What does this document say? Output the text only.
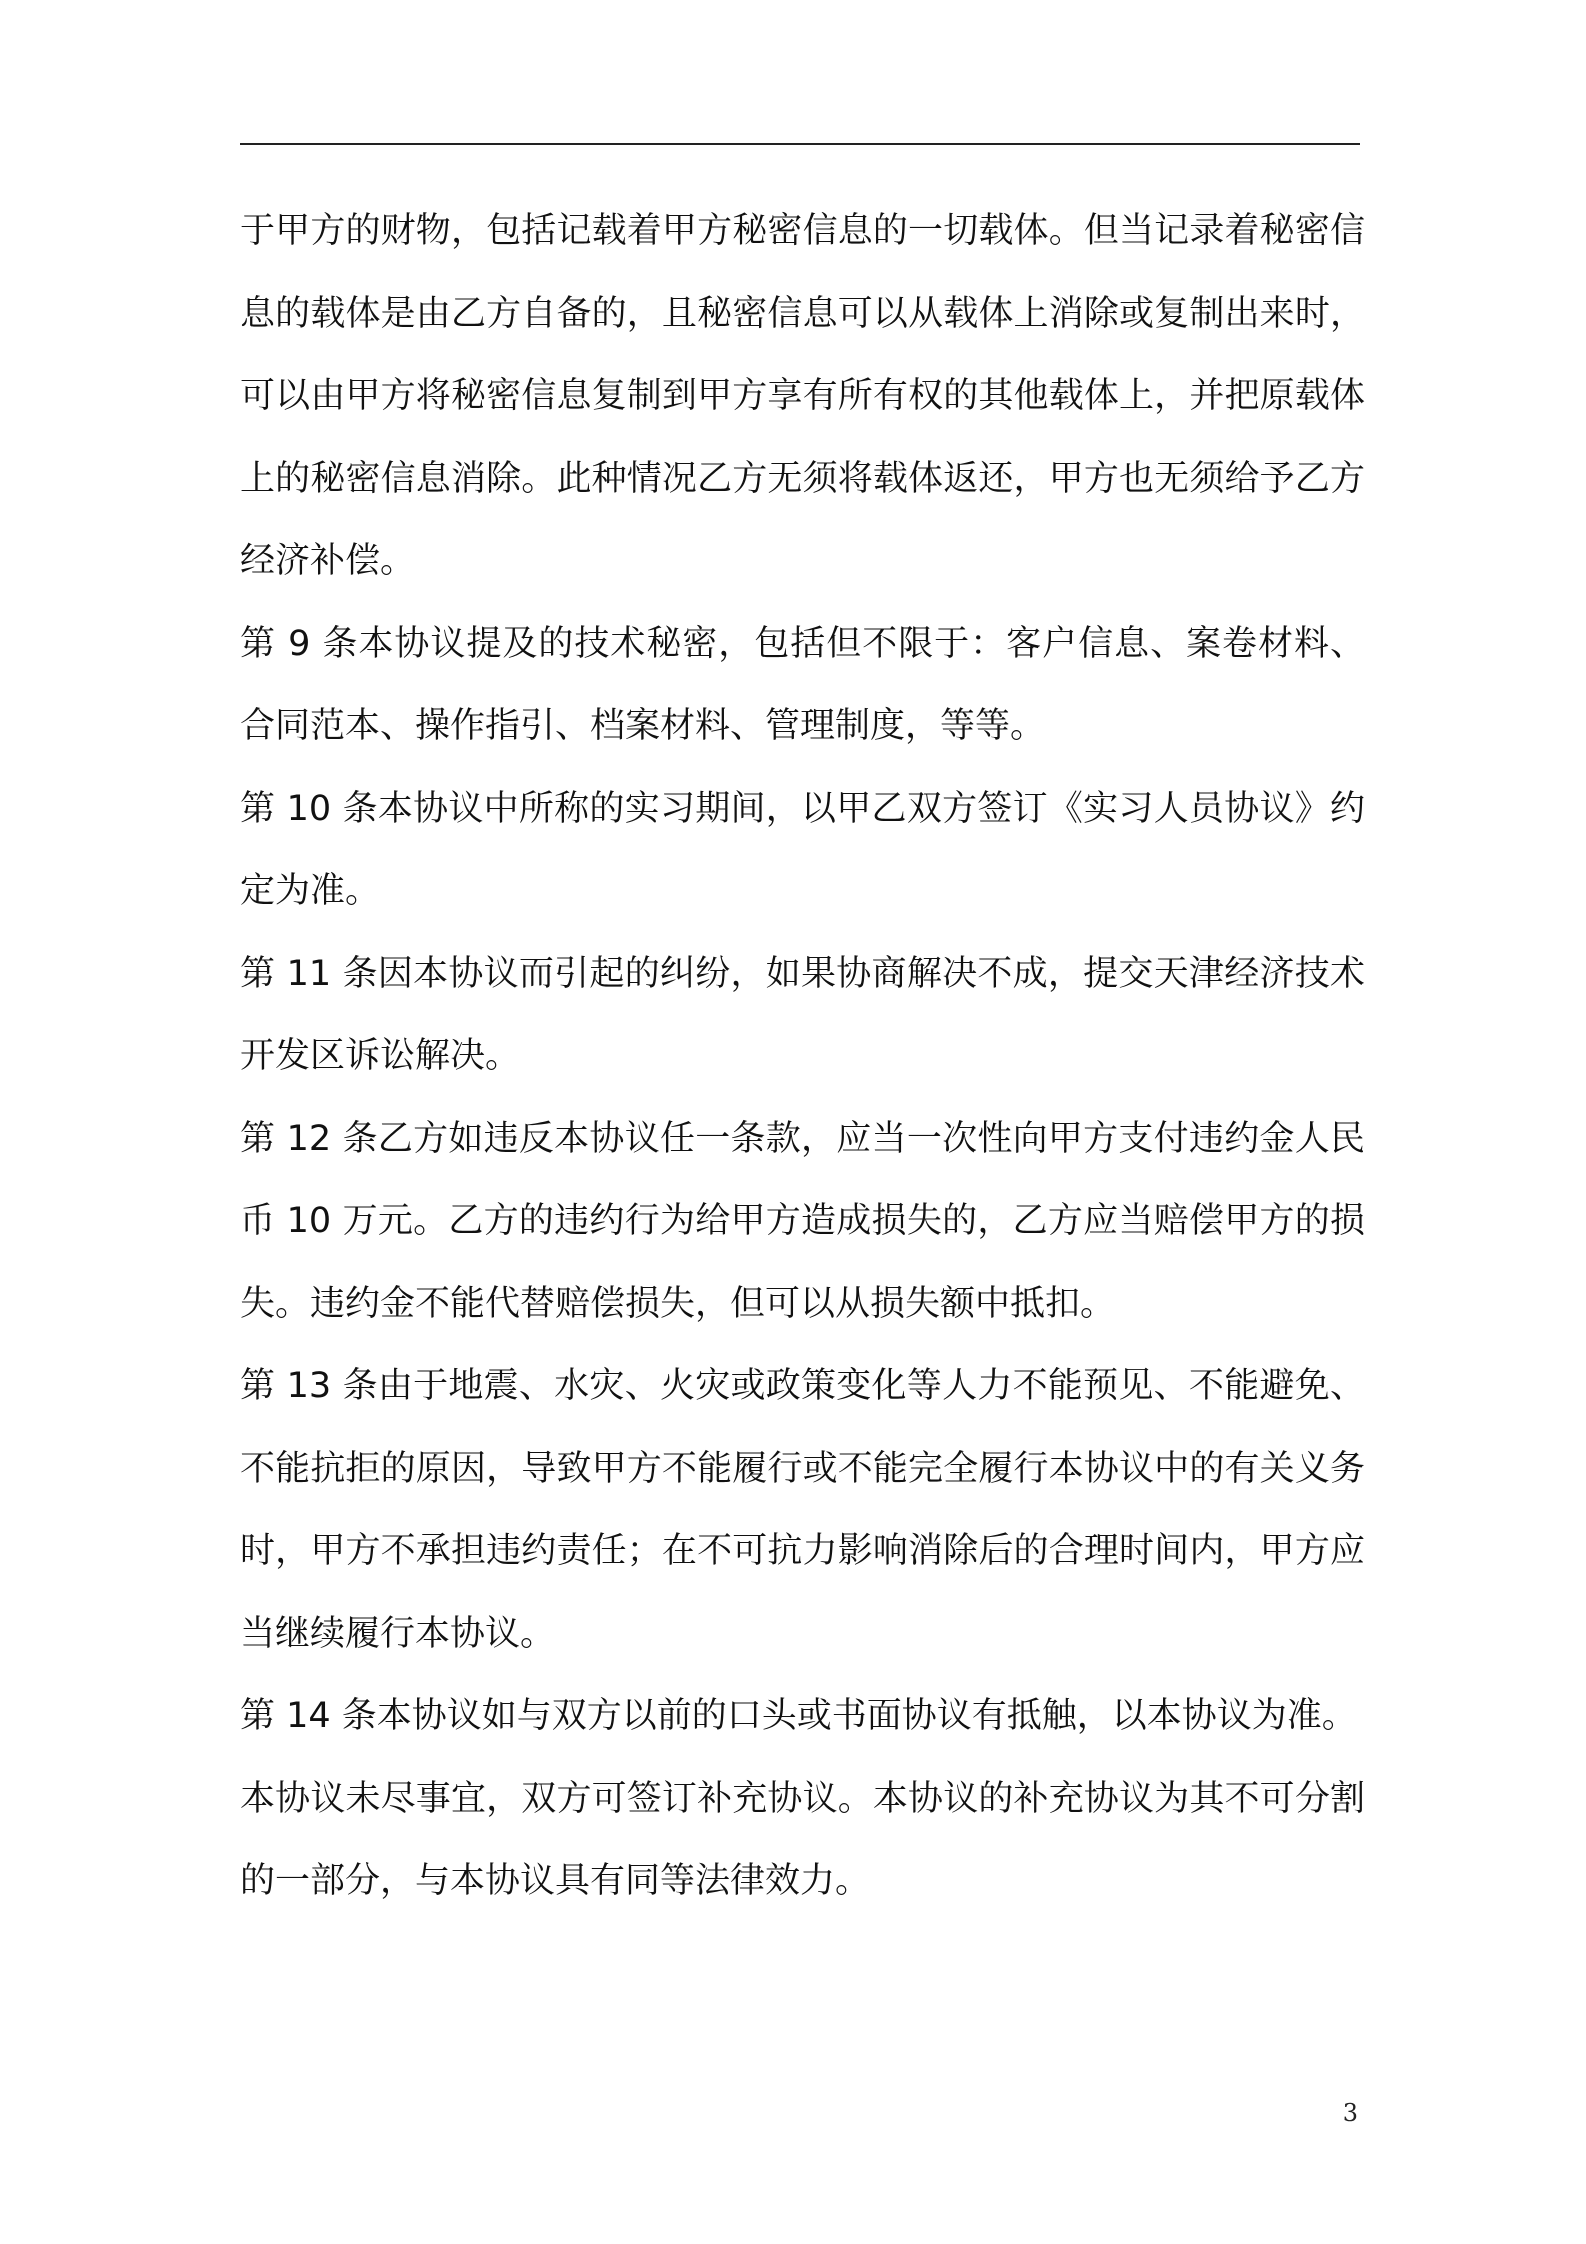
于甲方的财物，包括记载着甲方秘密信息的一切载体。但当记录着秘密信息的载体是由乙方自备的，且秘密信息可以从载体上消除或复制出来时，可以由甲方将秘密信息复制到甲方享有所有权的其他载体上，并把原载体上的秘密信息消除。此种情况乙方无须将载体返还，甲方也无须给予乙方经济补偿。

第 9 条本协议提及的技术秘密，包括但不限于：客户信息、案卷材料、合同范本、操作指引、档案材料、管理制度，等等。

第 10 条本协议中所称的实习期间，以甲乙双方签订《实习人员协议》约定为准。

第 11 条因本协议而引起的纠纷，如果协商解决不成，提交天津经济技术开发区诉讼解决。

第 12 条乙方如违反本协议任一条款，应当一次性向甲方支付违约金人民币 10 万元。乙方的违约行为给甲方造成损失的，乙方应当赔偿甲方的损失。违约金不能代替赔偿损失，但可以从损失额中抵扣。

第 13 条由于地震、水灾、火灾或政策变化等人力不能预见、不能避免、不能抗拒的原因，导致甲方不能履行或不能完全履行本协议中的有关义务时，甲方不承担违约责任；在不可抗力影响消除后的合理时间内，甲方应当继续履行本协议。

第 14 条本协议如与双方以前的口头或书面协议有抵触，以本协议为准。

本协议未尽事宜，双方可签订补充协议。本协议的补充协议为其不可分割的一部分，与本协议具有同等法律效力。

3
